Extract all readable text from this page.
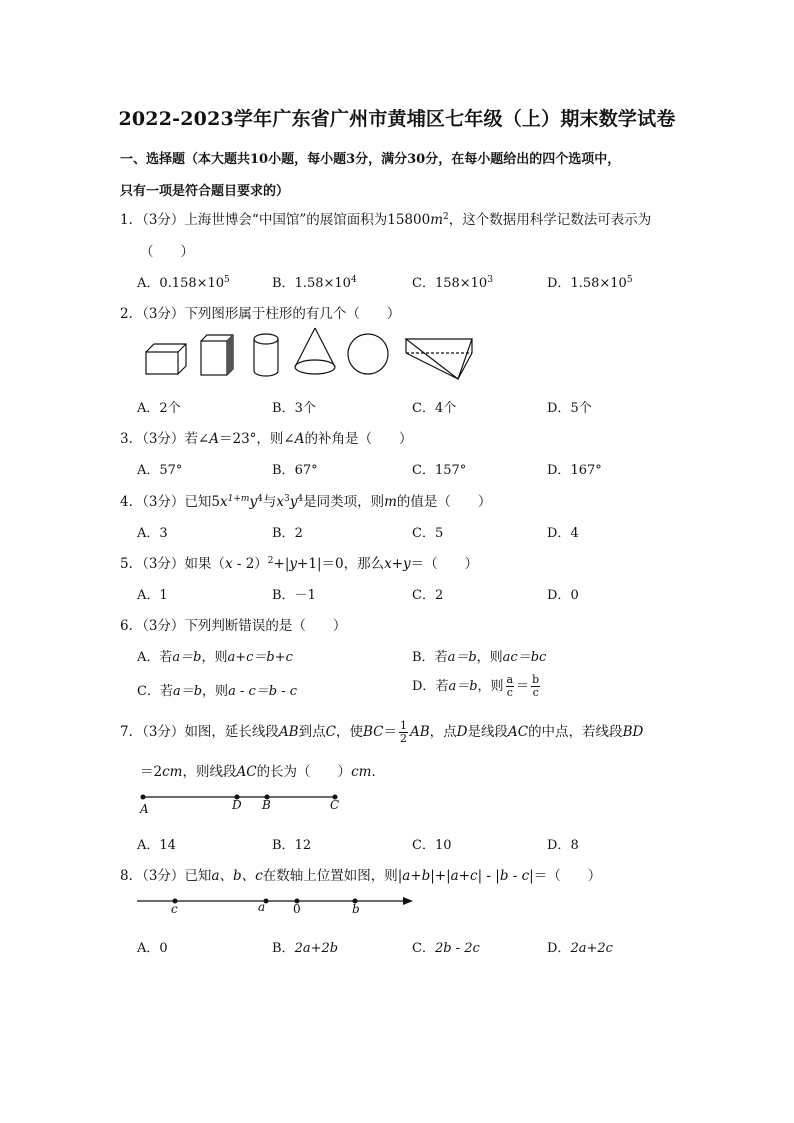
2022-2023学年广东省广州市黄埔区七年级（上）期末数学试卷
一、选择题（本大题共10小题，每小题3分，满分30分，在每小题给出的四个选项中，
只有一项是符合题目要求的）
1．（3分）上海世博会“中国馆”的展馆面积为$15800m^2$，这个数据用科学记数法可表示为
（　　）
A．$0.158\times 10^5$	B．$1.58\times 10^4$	C．$158\times 10^3$	D．$1.58\times 10^5$
2．（3分）下列图形属于柱形的有几个（　　）
A．2个	B．3个	C．4个	D．5个
3．（3分）若∠A＝23°，则∠A的补角是（　　）
A．57°	B．67°	C．157°	D．167°
4．（3分）已知$5x^{1+m}y^4$与$x^3y^4$是同类项，则m的值是（　　）
A．3	B．2	C．5	D．4
5．（3分）如果（x - 2）$^2$+|y+1|＝0，那么x+y＝（　　）
A．1	B．－1	C．2	D．0
6．（3分）下列判断错误的是（　　）
A．若a＝b，则a+c＝b+c	B．若a＝b，则ac＝bc
C．若a＝b，则a - c＝b - c	D．若a＝b，则 $\frac{a}{c} = \frac{b}{c}$
7．（3分）如图，延长线段AB到点C，使$BC= \frac{1}{2}$ AB，点D是线段AC的中点，若线段BD
＝2cm，则线段AC的长为（　　）cm．
A	D B	C
A．14	B．12	C．10	D．8
8．（3分）已知a、b、c在数轴上位置如图，则|a+b|+|a+c| - |b - c|＝（　　）
c	a 0	b
A．0	B．2a+2b	C．2b - 2c	D．2a+2c
